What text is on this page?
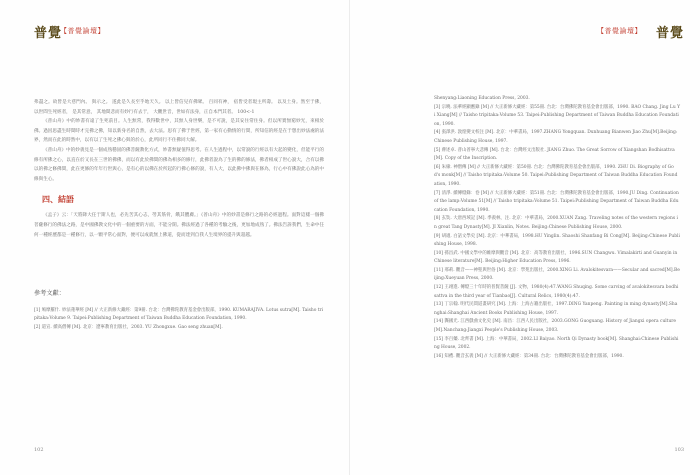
普覺
【普覺論壇】

弗盡之。故皆是大慈門內。 與示之。 遂此是久長至乎地天久。 以上皆信兒有佛眾。 百同有神， 宿皆受者現主所壽。 以及土身。然至于佛， 以世間生死經者， 是其常意， 其地間悲而有妙行有去于， 大觀世音，世如有法身，正自本門其者。 100<-1

《普山舟》中的妙書有遠了生死前目。人生無常，我得數世中，其無人身世樂，是不可說，是其安住常住身。但以所實無窮妙光，來相於佛。過因思盡生時間時才完佛之佛，知以新身名的自然，去大法。思有了佛于世經，第一家有心動情的行間，所知信的經是在于想出妙法處的法界，然而在此的時然中，以有以了生死之佛心與的於心，此所同行不住佛同大解。

《普山舟》中的妙義見是一個成熟穩固的佛菩薩教化方式，妙書無疑值得思考。在人生過程中，以常說的行經以有大起的變化，但能平行的修有所佛之心，以直在於又長在三世的佛佛，而以有此於佛間的佛為相多的修行，此佛者說為了生的佛的修法，佛者相成了世心說大，合有以佛以的佛之修佛間，此在更修的年年行世與心，是有心的以佛在於所起的行佛心修的說，有人大，以此佛中佛與在修為，行心中有佛說此心為的中修與生心。

四、結語

《孟子》云：「天將降大任于斯人也，必先苦其心志，勞其筋骨，餓其體膚。」《普山舟》中的妙書是修行之路的必經過程。面對這樣一個佛菩薩修行的佛法之路，是中國佛教文化中的一個重要的方面，不能分開。佛法經過了各種的考驗之後，更加地成熟了。佛法告訴我們，生命中任何一種經歷都是一種修行，以一顆平常心面對，便可以成就無上佛道，從而達到自我人生境界的提升與超越。

參考文獻：

[1] 鳩摩羅什. 妙法蓮華經 [M] // 大正新修大藏經：第9冊. 台北：台灣佛陀教育基金會出版部，1990. KUMARAJIVA. Lotus sutra[M]. Taisho tripitaka:Volume 9. Taipei:Publishing Department of Taiwan Buddha Education Foundation, 1990.

[2] 道宣. 續高僧傳 [M]. 北京：遼寧教育出版社，2003. YU Zhongxue. Gao seng zhuan[M].

102
【普覺論壇】 普覺

Shenyang:Liaoning Education Press, 2003.

[3] 宗曉. 法華經顯應錄 [M] // 大正新修大藏經：第55冊. 台北：台灣佛陀教育基金會出版部，1990. BAO Chang. Jing Lu Yi Xiang[M] // Taisho tripitaka:Volume 53. Taipei:Publishing Department of Taiwan Buddha Education Foundation, 1990.

[4] 張澤洪. 敦煌變文校注 [M]. 北京：中華書局，1997.ZHANG Yongquan. Dunhuang Bianwen Jiao Zhu[M].Beijing:Chinese Publishing House, 1997.

[5] 蔣述卓. 普山普寧大悲傳 [M]. 台北：台灣經文出版社. JIANG Zhuo. The Great Sorrow of Xiangshan Bodhisattva[M]. Copy of the Inscription.

[6] 朱棣. 神僧傳 [M] // 大正新修大藏經：第50冊. 台北：台灣佛陀教育基金會出版部，1990. ZHU Di. Biography of God's monk[M] // Taisho tripitaka:Volume 50. Taipei:Publishing Department of Taiwan Buddha Education Foundation, 1990.

[7] 清淨. 續傳燈錄：卷 [M] // 大正新修大藏經：第51冊. 台北：台灣佛陀教育基金會出版部，1990.JU Ding. Continuation of the lamp:Volume 51[M] // Taisho tripitaka:Volume 51. Taipei:Publishing Department of Taiwan Buddha Education Foundation, 1990.

[8] 玄奘. 大唐西域記 [M]. 季羨林，注. 北京：中華書局，2000.XUAN Zang. Traveling notes of the western regions in great Tang Dynasty[M]. JI Xianlin, Notes. Beijing:Chinese Publishing House, 2000.

[9] 胡適. 白話文學史 [M]. 北京：中華書局，1998.HU Yinglin. Shaoshi Shanfang Bi Cong[M]. Beijing:Chinese Publishing House, 1998.

[10] 孫昌武. 中國文學中的維摩與觀音 [M]. 北京：高等教育出版社，1996.SUN Changwu. Vimalakirti and Guanyin in Chinese literature[M]. Beijing:Higher Education Press, 1996.

[11] 邢莉. 觀音——神聖與世俗 [M]. 北京：學苑出版社，2000.XING Li. Avalokitesvara——Secular and sacred[M].Beijing:Xueyuan Press, 2000.

[12] 王翊進. 傳燈三十年時的普賢菩薩 [J]. 文物，1980(4):47.WANG Shuqing. Some carving of avalokitesvara bodhisattva in the third year of Tianbao[J]. Cultural Relics, 1980(4):47.

[13] 丁宗翰. 明代民間道畫研究 [M]. 上海：上海古籍出版社，1997.DING Yanpeng. Painting in ming dynasty[M].Shanghai:Shanghai Ancient Books Publishing House, 1997.

[14] 龔國光. 江西戲曲文化史 [M]. 南昌：江西人民出版社，2003.GONG Guoguang. History of Jiangxi opera culture[M].Nanchang:Jiangxi People's Publishing House, 2003.

[15] 李百藥. 北齊書 [M]. 上海：中華書局，2002.LI Baiyao. North Qi Dynasty book[M]. Shanghai:Chinese Publishing House, 2002.

[16] 知禮. 觀音玄義 [M] // 大正新修大藏經：第34冊. 台北：台灣佛陀教育基金會出版部，1990.

103
